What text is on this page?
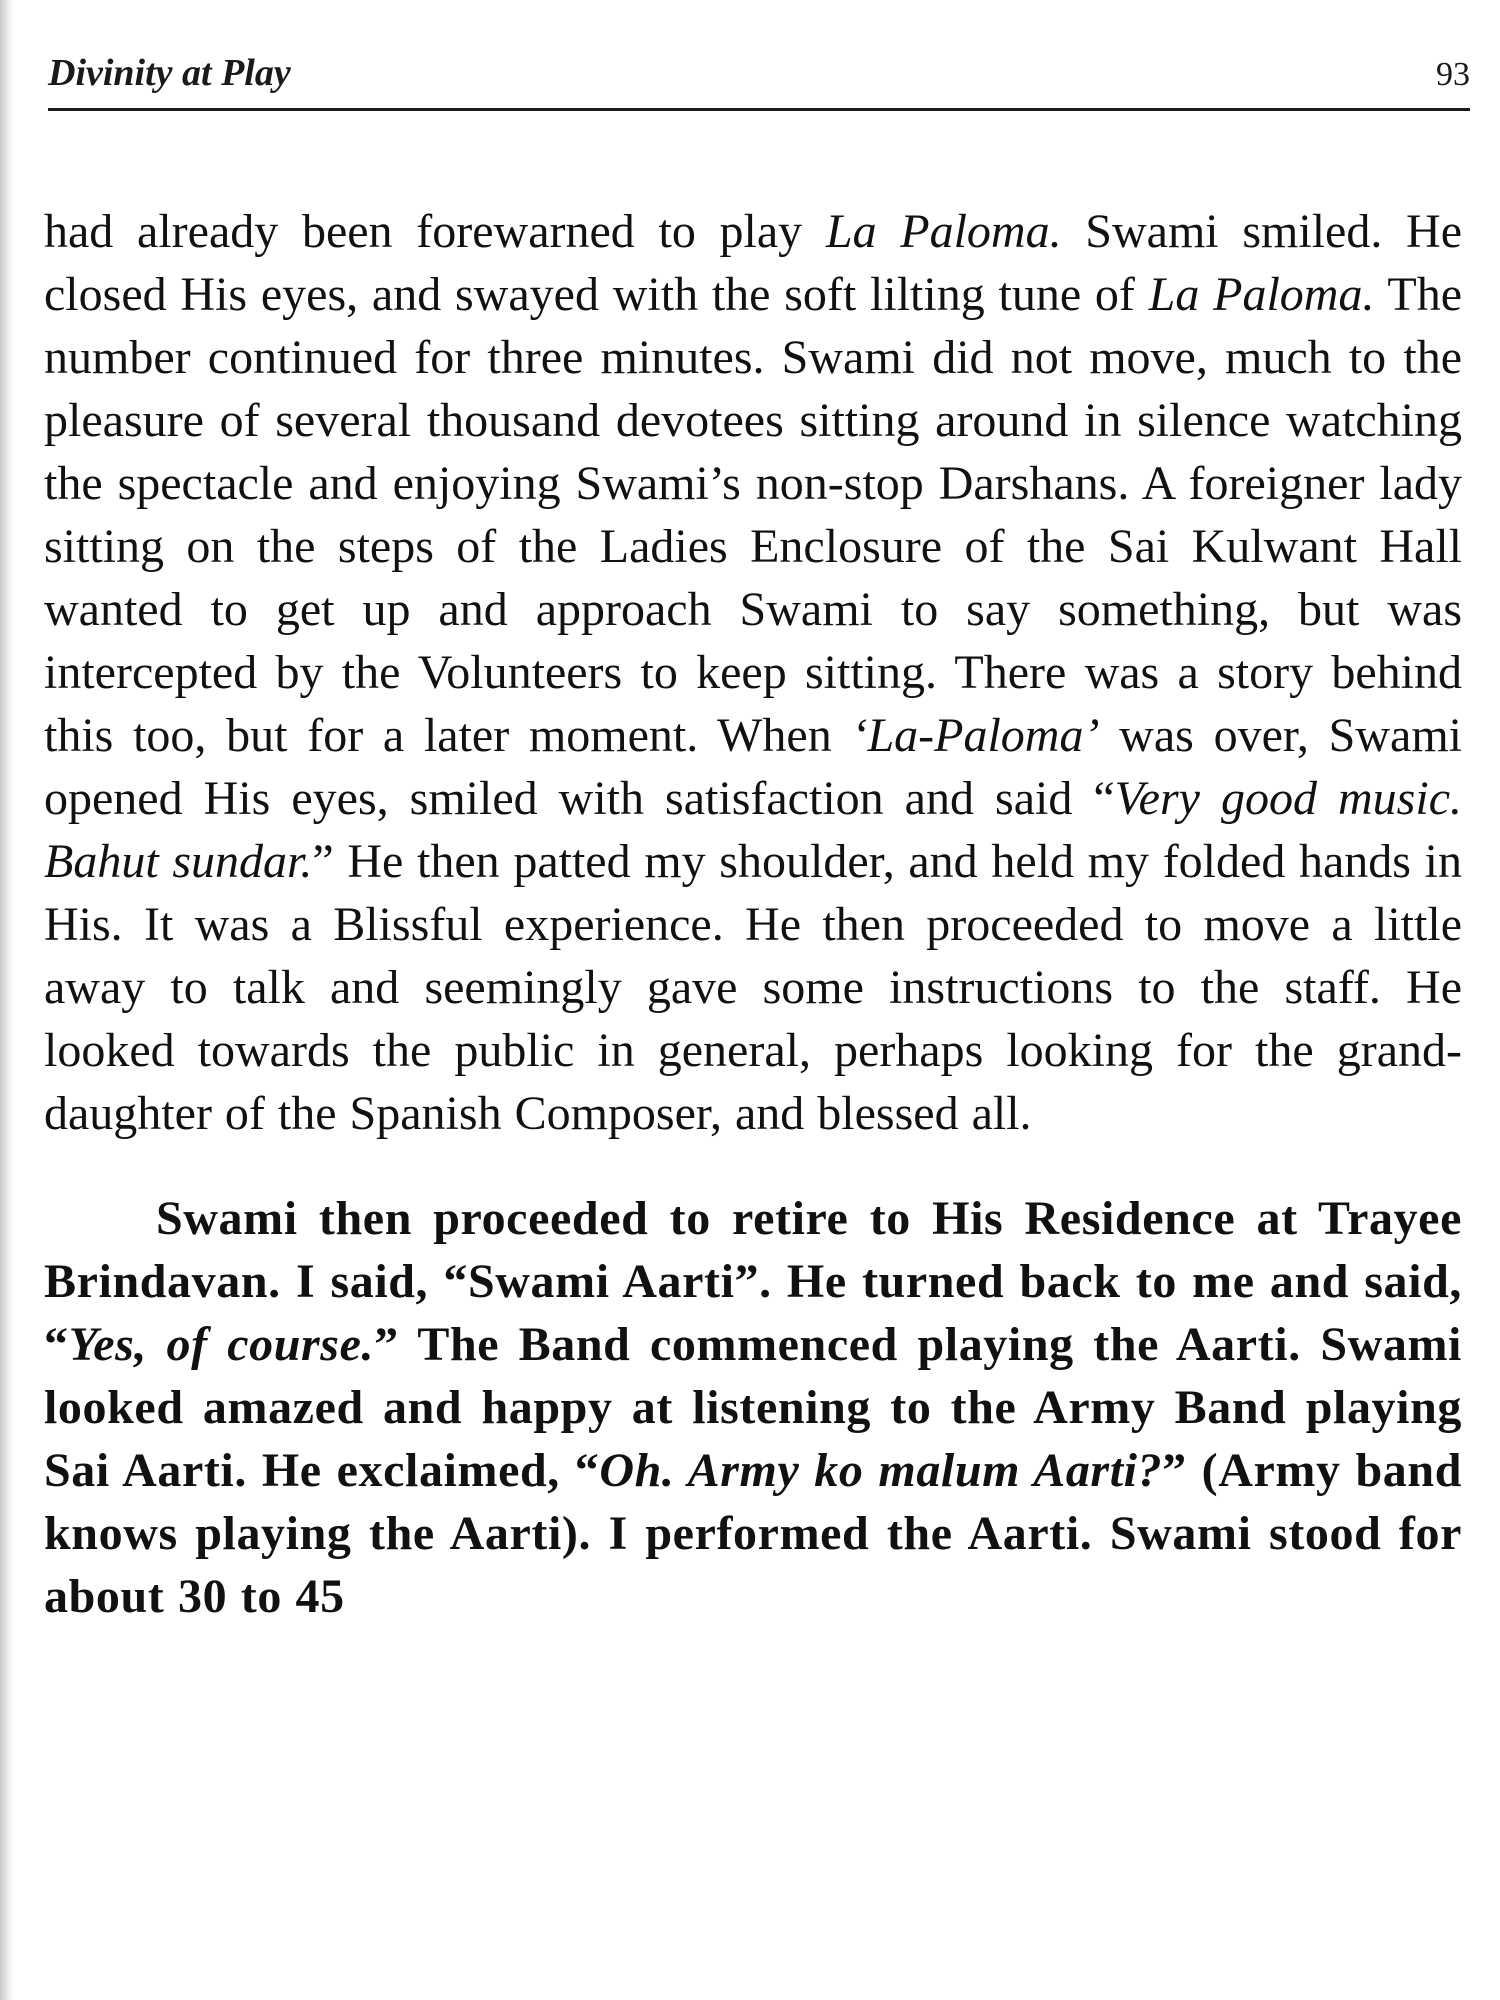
Divinity at Play	93

had already been forewarned to play La Paloma. Swami smiled. He closed His eyes, and swayed with the soft lilting tune of La Paloma. The number continued for three minutes. Swami did not move, much to the pleasure of several thousand devotees sitting around in silence watching the spectacle and enjoying Swami’s non-stop Darshans. A foreigner lady sitting on the steps of the Ladies Enclosure of the Sai Kulwant Hall wanted to get up and approach Swami to say something, but was intercepted by the Volunteers to keep sitting. There was a story behind this too, but for a later moment. When ‘La-Paloma’ was over, Swami opened His eyes, smiled with satisfaction and said “Very good music. Bahut sundar.” He then patted my shoulder, and held my folded hands in His. It was a Blissful experience. He then proceeded to move a little away to talk and seemingly gave some instructions to the staff. He looked towards the public in general, perhaps looking for the grand-daughter of the Spanish Composer, and blessed all.

Swami then proceeded to retire to His Residence at Trayee Brindavan. I said, “Swami Aarti”. He turned back to me and said, “Yes, of course.” The Band commenced playing the Aarti. Swami looked amazed and happy at listening to the Army Band playing Sai Aarti. He exclaimed, “Oh. Army ko malum Aarti?” (Army band knows playing the Aarti). I performed the Aarti. Swami stood for about 30 to 45
